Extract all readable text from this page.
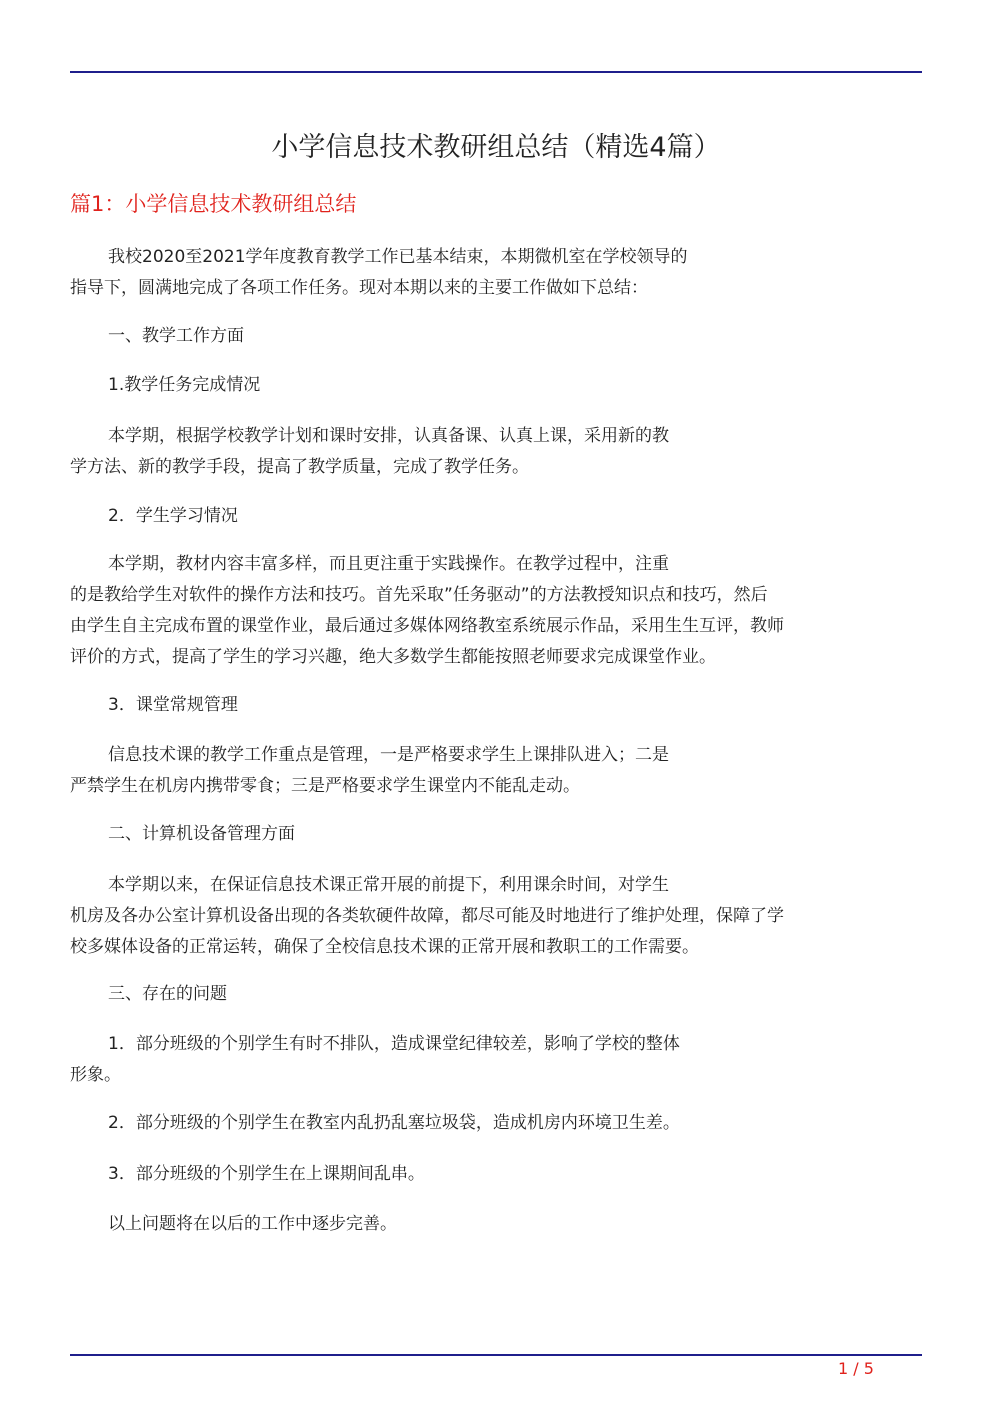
小学信息技术教研组总结（精选4篇）
篇1：小学信息技术教研组总结
我校2020至2021学年度教育教学工作已基本结束，本期微机室在学校领导的
指导下，圆满地完成了各项工作任务。现对本期以来的主要工作做如下总结：
一、教学工作方面
1.教学任务完成情况
本学期，根据学校教学计划和课时安排，认真备课、认真上课，采用新的教
学方法、新的教学手段，提高了教学质量，完成了教学任务。
2．学生学习情况
本学期，教材内容丰富多样，而且更注重于实践操作。在教学过程中，注重
的是教给学生对软件的操作方法和技巧。首先采取”任务驱动”的方法教授知识点和技巧，然后
由学生自主完成布置的课堂作业，最后通过多媒体网络教室系统展示作品，采用生生互评，教师
评价的方式，提高了学生的学习兴趣，绝大多数学生都能按照老师要求完成课堂作业。
3．课堂常规管理
信息技术课的教学工作重点是管理，一是严格要求学生上课排队进入；二是
严禁学生在机房内携带零食；三是严格要求学生课堂内不能乱走动。
二、计算机设备管理方面
本学期以来，在保证信息技术课正常开展的前提下，利用课余时间，对学生
机房及各办公室计算机设备出现的各类软硬件故障，都尽可能及时地进行了维护处理，保障了学
校多媒体设备的正常运转，确保了全校信息技术课的正常开展和教职工的工作需要。
三、存在的问题
1．部分班级的个别学生有时不排队，造成课堂纪律较差，影响了学校的整体
形象。
2．部分班级的个别学生在教室内乱扔乱塞垃圾袋，造成机房内环境卫生差。
3．部分班级的个别学生在上课期间乱串。
以上问题将在以后的工作中逐步完善。
1 / 5
